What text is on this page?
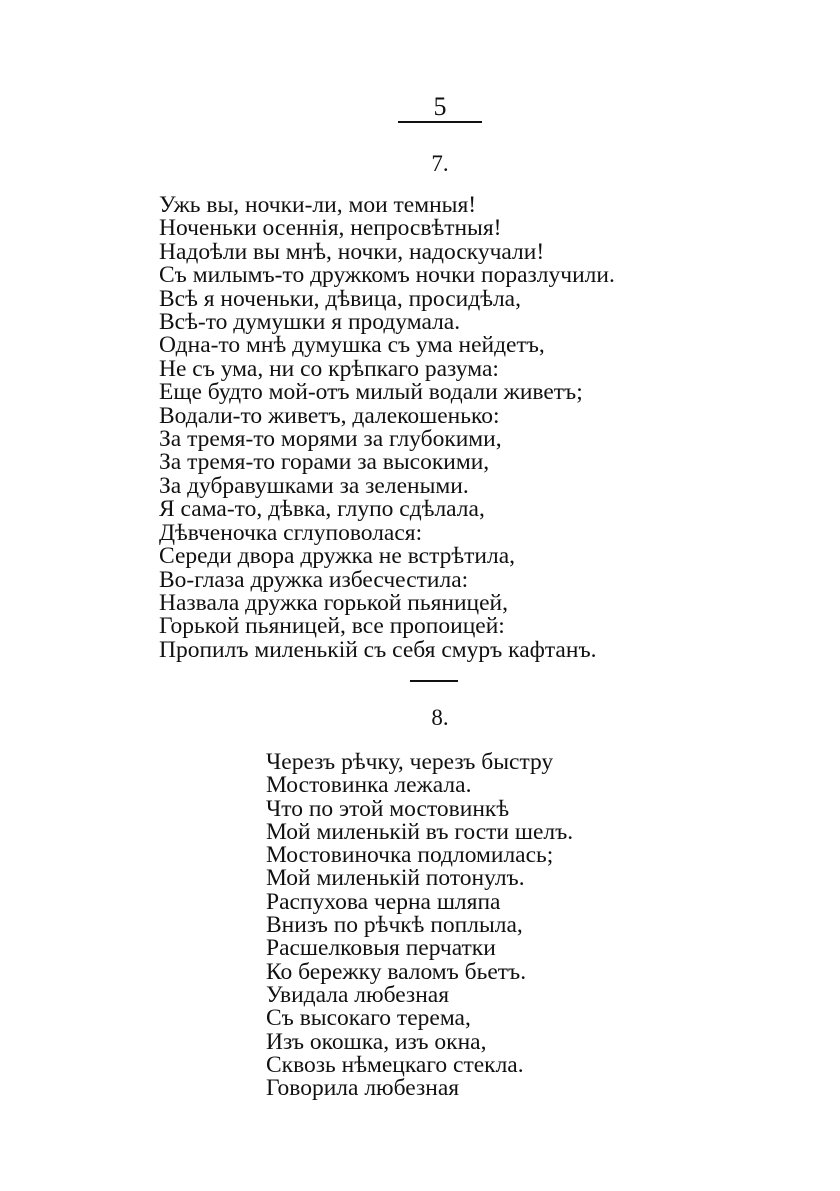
5
7.
Ужь вы, ночки-ли, мои темныя!
Ноченьки осеннія, непросвѣтныя!
Надоѣли вы мнѣ, ночки, надоскучали!
Съ милымъ-то дружкомъ ночки поразлучили.
Всѣ я ноченьки, дѣвица, просидѣла,
Всѣ-то думушки я продумала.
Одна-то мнѣ думушка съ ума нейдетъ,
Не съ ума, ни со крѣпкаго разума:
Еще будто мой-отъ милый водали живетъ;
Водали-то живетъ, далекошенько:
За тремя-то морями за глубокими,
За тремя-то горами за высокими,
За дубравушками за зелеными.
Я сама-то, дѣвка, глупо сдѣлала,
Дѣвченочка сглуповолася:
Середи двора дружка не встрѣтила,
Во-глаза дружка избесчестила:
Назвала дружка горькой пьяницей,
Горькой пьяницей, все пропоицей:
Пропилъ миленькій съ себя смуръ кафтанъ.
8.
Черезъ рѣчку, черезъ быстру
Мостовинка лежала.
Что по этой мостовинкѣ
Мой миленькій въ гости шелъ.
Мостовиночка подломилась;
Мой миленькій потонулъ.
Распухова черна шляпа
Внизъ по рѣчкѣ поплыла,
Расшелковыя перчатки
Ко бережку валомъ бьетъ.
Увидала любезная
Съ высокаго терема,
Изъ окошка, изъ окна,
Сквозь нѣмецкаго стекла.
Говорила любезная
